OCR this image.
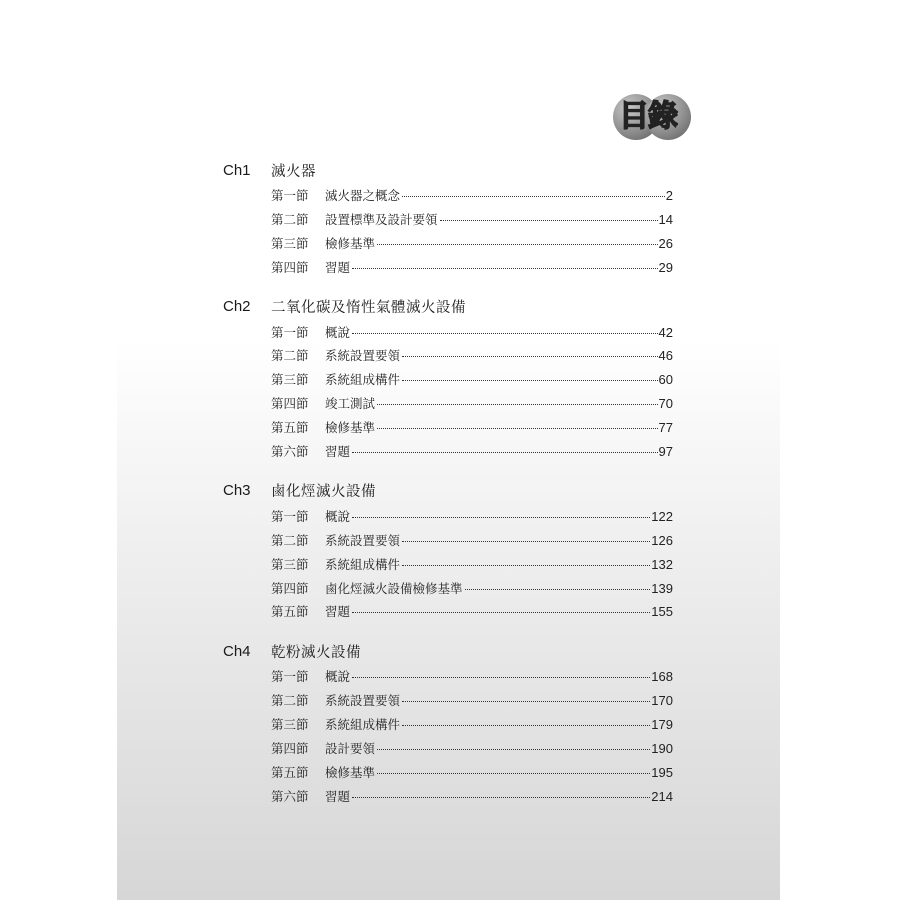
目錄
Ch1	滅火器
第一節	滅火器之概念	2
第二節	設置標準及設計要領	14
第三節	檢修基準	26
第四節	習題	29
Ch2	二氧化碳及惰性氣體滅火設備
第一節	概說	42
第二節	系統設置要領	46
第三節	系統組成構件	60
第四節	竣工測試	70
第五節	檢修基準	77
第六節	習題	97
Ch3	鹵化烴滅火設備
第一節	概說	122
第二節	系統設置要領	126
第三節	系統組成構件	132
第四節	鹵化烴滅火設備檢修基準	139
第五節	習題	155
Ch4	乾粉滅火設備
第一節	概說	168
第二節	系統設置要領	170
第三節	系統組成構件	179
第四節	設計要領	190
第五節	檢修基準	195
第六節	習題	214
